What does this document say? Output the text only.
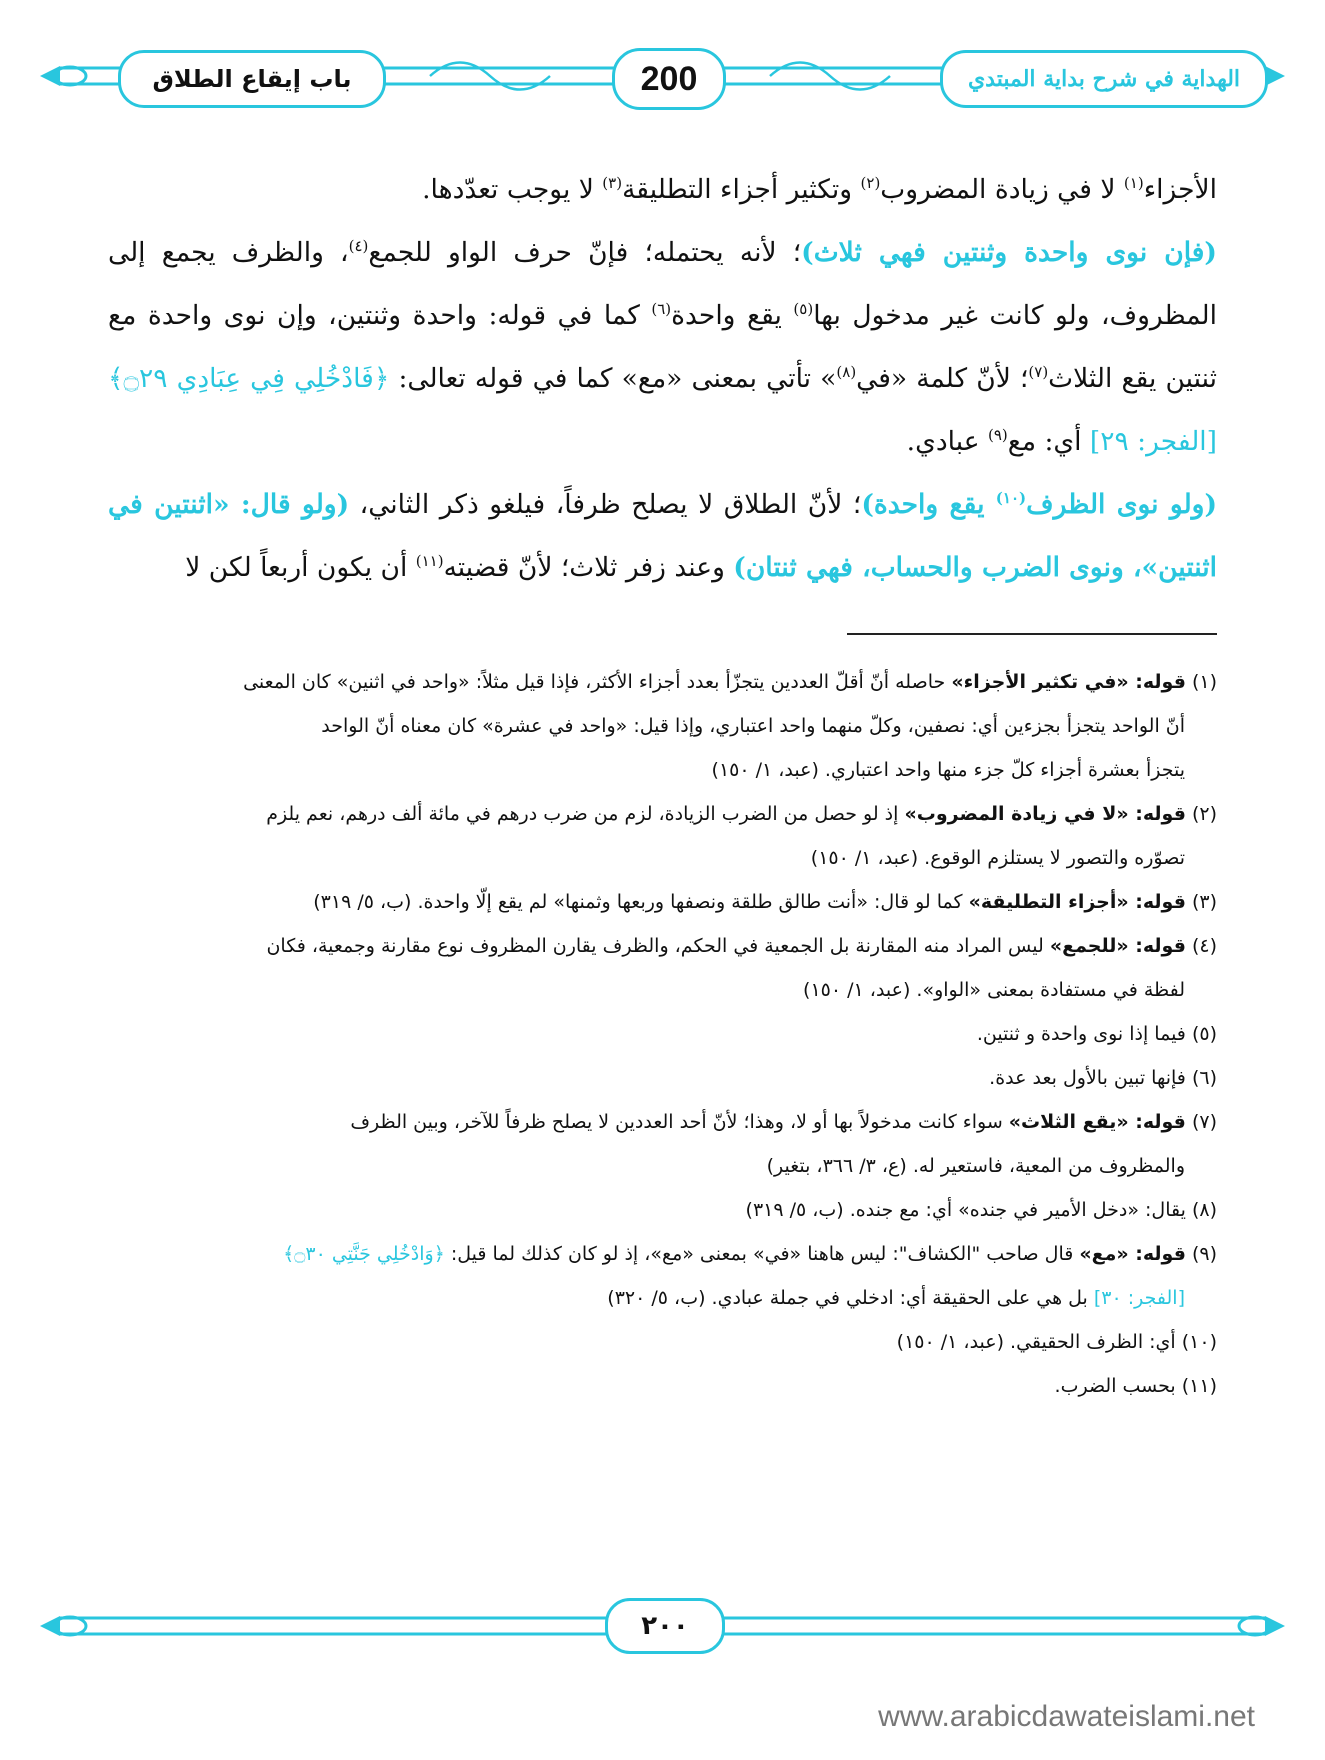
باب إيقاع الطلاق	200	الهداية في شرح بداية المبتدي

الأجزاء$^{(١)}$ لا في زيادة المضروب$^{(٢)}$ وتكثير أجزاء التطليقة$^{(٣)}$ لا يوجب تعدّدها.

(فإن نوى واحدة وثنتين فهي ثلاث)؛ لأنه يحتمله؛ فإنّ حرف الواو للجمع$^{(٤)}$، والظرف يجمع إلى المظروف، ولو كانت غير مدخول بها$^{(٥)}$ يقع واحدة$^{(٦)}$ كما في قوله: واحدة وثنتين، وإن نوى واحدة مع ثنتين يقع الثلاث$^{(٧)}$؛ لأنّ كلمة «في$^{(٨)}$» تأتي بمعنى «مع» كما في قوله تعالى: ﴿فَادْخُلِي فِي عِبَادِي ۝٢٩﴾ [الفجر: ٢٩] أي: مع$^{(٩)}$ عبادي.

(ولو نوى الظرف$^{(١٠)}$ يقع واحدة)؛ لأنّ الطلاق لا يصلح ظرفاً، فيلغو ذكر الثاني، (ولو قال: «اثنتين في اثنتين»، ونوى الضرب والحساب، فهي ثنتان) وعند زفر ثلاث؛ لأنّ قضيته$^{(١١)}$ أن يكون أربعاً لكن لا

(١) قوله: «في تكثير الأجزاء» حاصله أنّ أقلّ العددين يتجزّأ بعدد أجزاء الأكثر، فإذا قيل مثلاً: «واحد في اثنين» كان المعنى
أنّ الواحد يتجزأ بجزءين أي: نصفين، وكلّ منهما واحد اعتباري، وإذا قيل: «واحد في عشرة» كان معناه أنّ الواحد
يتجزأ بعشرة أجزاء كلّ جزء منها واحد اعتباري. (عبد، ١/ ١٥٠)
(٢) قوله: «لا في زيادة المضروب» إذ لو حصل من الضرب الزيادة، لزم من ضرب درهم في مائة ألف درهم، نعم يلزم
تصوّره والتصور لا يستلزم الوقوع. (عبد، ١/ ١٥٠)
(٣) قوله: «أجزاء التطليقة» كما لو قال: «أنت طالق طلقة ونصفها وربعها وثمنها» لم يقع إلّا واحدة. (ب، ٥/ ٣١٩)
(٤) قوله: «للجمع» ليس المراد منه المقارنة بل الجمعية في الحكم، والظرف يقارن المظروف نوع مقارنة وجمعية، فكان
لفظة في مستفادة بمعنى «الواو». (عبد، ١/ ١٥٠)
(٥) فيما إذا نوى واحدة و ثنتين.
(٦) فإنها تبين بالأول بعد عدة.
(٧) قوله: «يقع الثلاث» سواء كانت مدخولاً بها أو لا، وهذا؛ لأنّ أحد العددين لا يصلح ظرفاً للآخر، وبين الظرف
والمظروف من المعية، فاستعير له. (ع، ٣/ ٣٦٦، بتغير)
(٨) يقال: «دخل الأمير في جنده» أي: مع جنده. (ب، ٥/ ٣١٩)
(٩) قوله: «مع» قال صاحب "الكشاف": ليس هاهنا «في» بمعنى «مع»، إذ لو كان كذلك لما قيل: ﴿وَادْخُلِي جَنَّتِي ۝٣٠﴾
[الفجر: ٣٠] بل هي على الحقيقة أي: ادخلي في جملة عبادي. (ب، ٥/ ٣٢٠)
(١٠) أي: الظرف الحقيقي. (عبد، ١/ ١٥٠)
(١١) بحسب الضرب.
٢٠٠
www.arabicdawateislami.net
